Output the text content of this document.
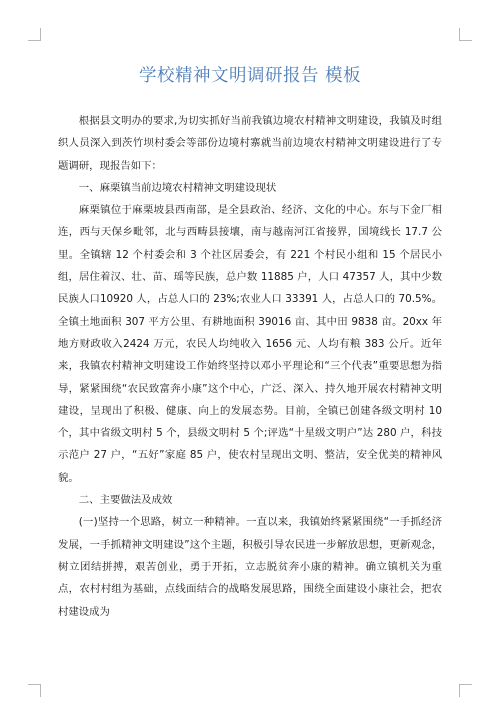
学校精神文明调研报告 模板

根据县文明办的要求,为切实抓好当前我镇边境农村精神文明建设，我镇及时组织人员深入到茨竹坝村委会等部份边境村寨就当前边境农村精神文明建设进行了专题调研，现报告如下：

一、麻栗镇当前边境农村精神文明建设现状

麻栗镇位于麻栗坡县西南部，是全县政治、经济、文化的中心。东与下金厂相连，西与天保乡毗邻，北与西畴县接壤，南与越南河江省接界，国境线长 17.7 公里。全镇辖 12 个村委会和 3 个社区居委会，有 221 个村民小组和 15 个居民小组，居住着汉、壮、苗、瑶等民族，总户数 11885 户，人口 47357 人，其中少数民族人口10920 人，占总人口的 23%;农业人口 33391 人，占总人口的 70.5%。全镇土地面积 307 平方公里、有耕地面积 39016 亩、其中田 9838 亩。20xx 年地方财政收入2424 万元，农民人均纯收入 1656 元、人均有粮 383 公斤。近年来，我镇农村精神文明建设工作始终坚持以邓小平理论和“三个代表”重要思想为指导，紧紧围绕“农民致富奔小康”这个中心，广泛、深入、持久地开展农村精神文明建设，呈现出了积极、健康、向上的发展态势。目前，全镇已创建各级文明村 10 个，其中省级文明村 5 个，县级文明村 5 个;评选“十星级文明户”达 280 户，科技示范户 27 户，“五好”家庭 85 户，使农村呈现出文明、整洁，安全优美的精神风貌。

二、主要做法及成效

(一)坚持一个思路，树立一种精神。一直以来，我镇始终紧紧围绕“一手抓经济发展，一手抓精神文明建设”这个主题，积极引导农民进一步解放思想，更新观念，树立团结拼搏，艰苦创业，勇于开拓，立志脱贫奔小康的精神。确立镇机关为重点，农村村组为基础，点线面结合的战略发展思路，围绕全面建设小康社会，把农村建设成为
